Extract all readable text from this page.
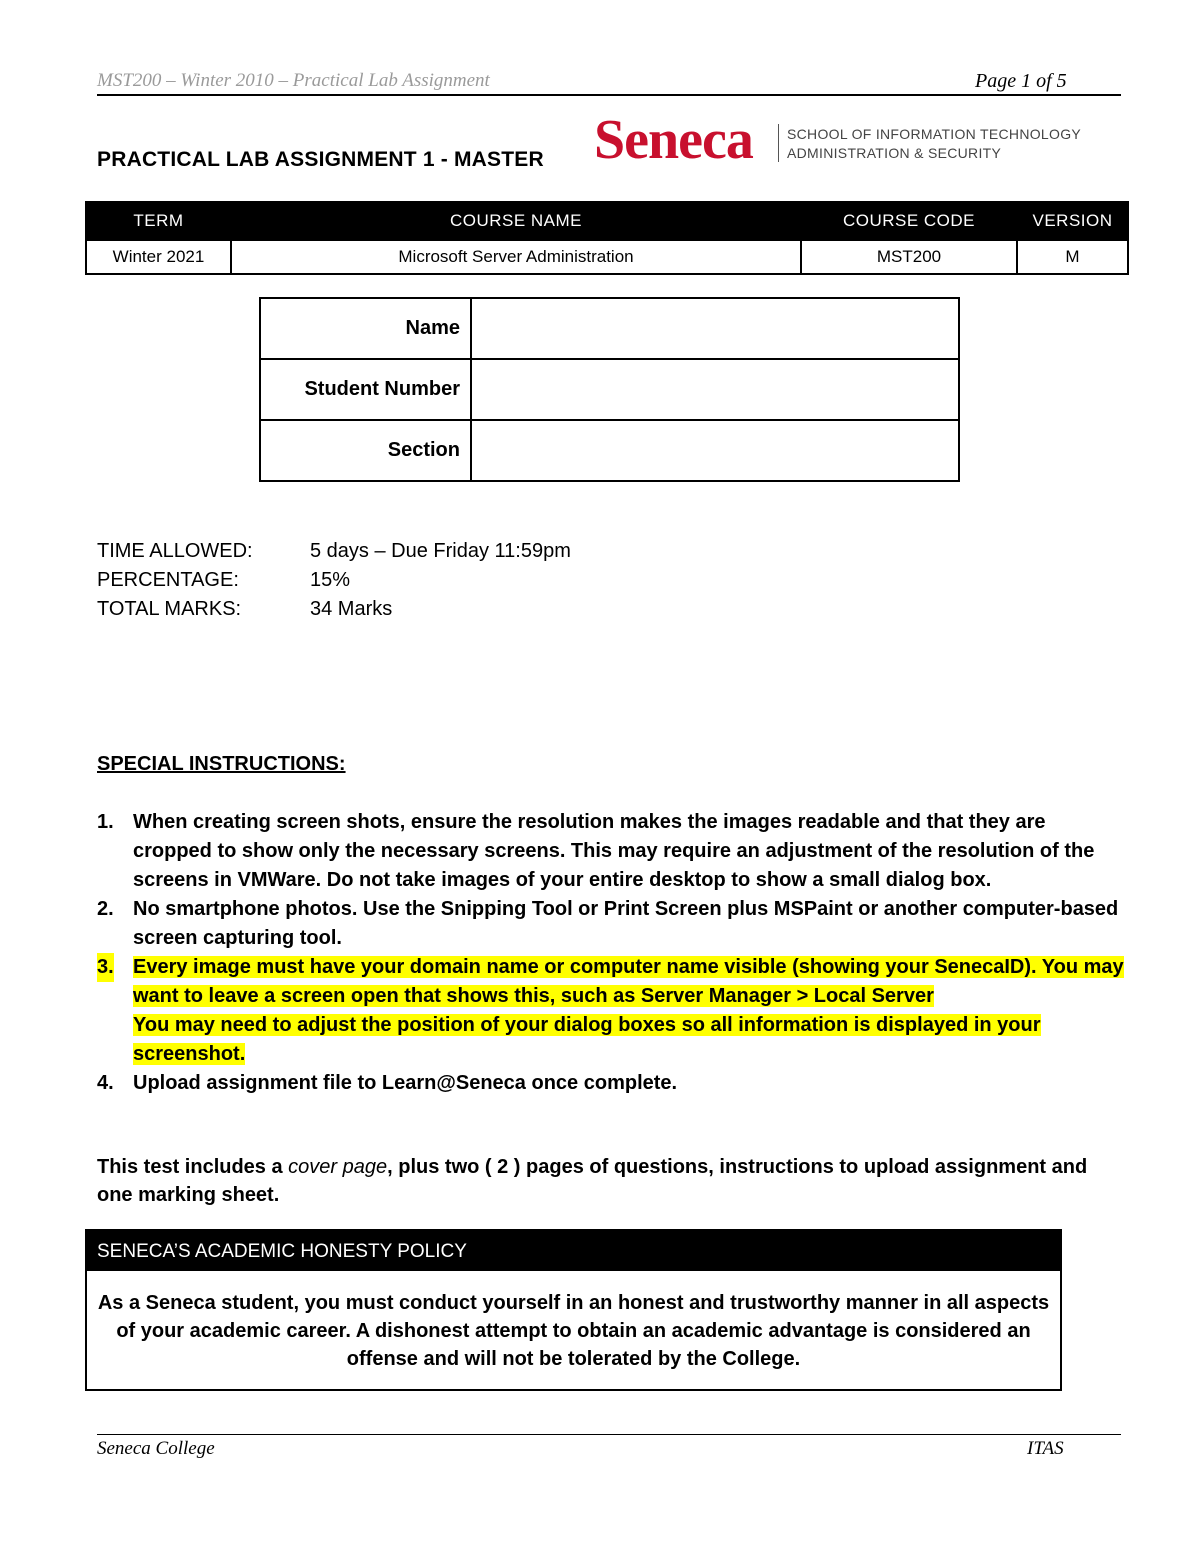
MST200 – Winter 2010 – Practical Lab Assignment	Page 1 of 5
PRACTICAL LAB ASSIGNMENT 1 - MASTER Seneca SCHOOL OF INFORMATION TECHNOLOGY
ADMINISTRATION & SECURITY
TERM	COURSE NAME	COURSE CODE	VERSION
Winter 2021	Microsoft Server Administration	MST200	M
Name	
Student Number	
Section	
TIME ALLOWED:	5 days – Due Friday 11:59pm
PERCENTAGE:	15%
TOTAL MARKS:	34 Marks
SPECIAL INSTRUCTIONS:
1. When creating screen shots, ensure the resolution makes the images readable and that they are cropped to show only the necessary screens. This may require an adjustment of the resolution of the screens in VMWare. Do not take images of your entire desktop to show a small dialog box.
2. No smartphone photos. Use the Snipping Tool or Print Screen plus MSPaint or another computer-based screen capturing tool.
3. Every image must have your domain name or computer name visible (showing your SenecaID). You may want to leave a screen open that shows this, such as Server Manager > Local Server
You may need to adjust the position of your dialog boxes so all information is displayed in your screenshot.
4. Upload assignment file to Learn@Seneca once complete.
This test includes a cover page, plus two ( 2 ) pages of questions, instructions to upload assignment and one marking sheet.
SENECA’S ACADEMIC HONESTY POLICY
As a Seneca student, you must conduct yourself in an honest and trustworthy manner in all aspects of your academic career. A dishonest attempt to obtain an academic advantage is considered an offense and will not be tolerated by the College.
Seneca College	ITAS
